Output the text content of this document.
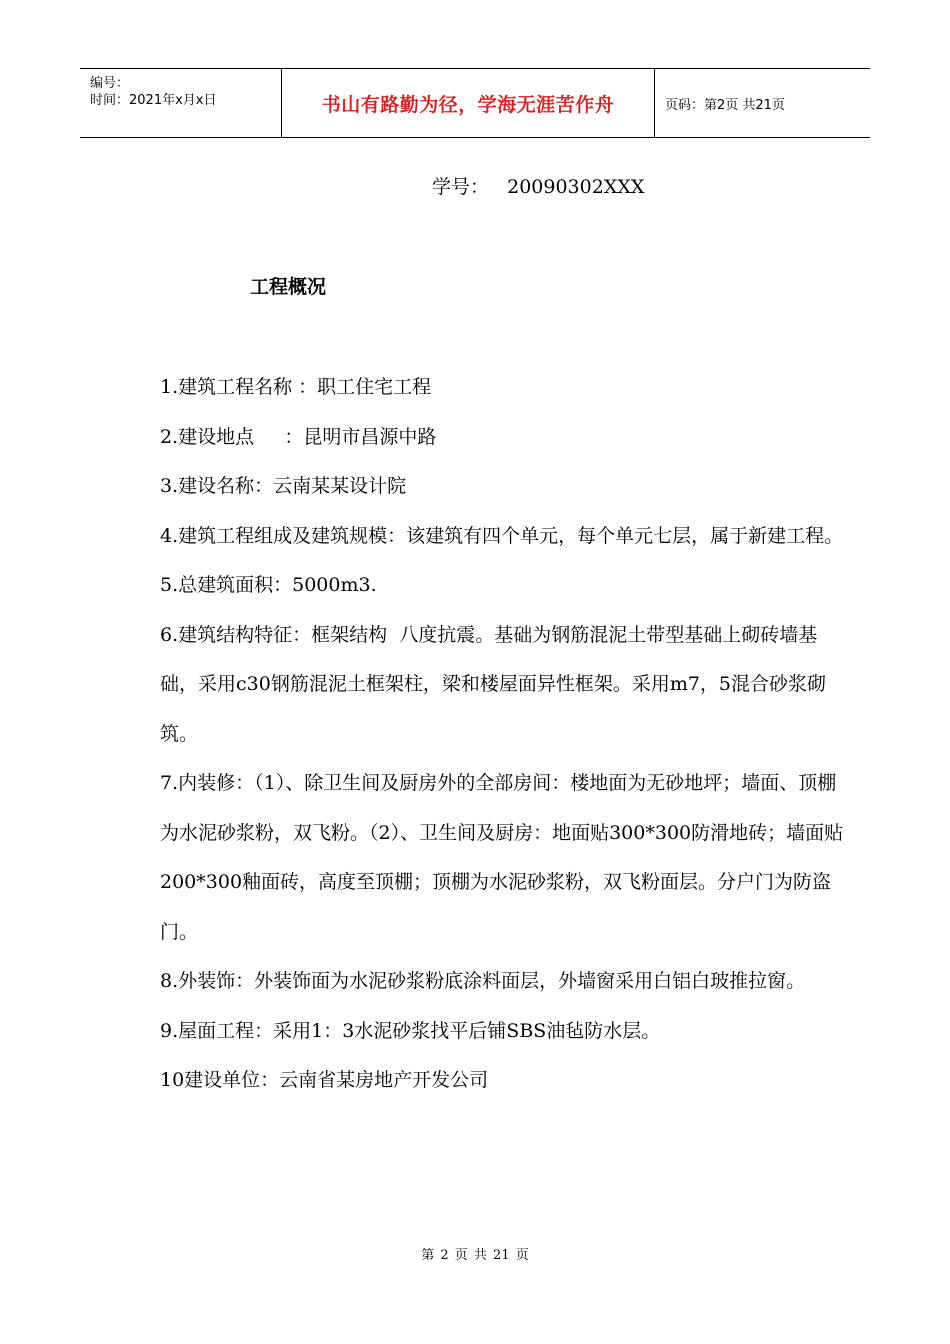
编号：
时间：2021年x月x日	书山有路勤为径，学海无涯苦作舟	页码：第2页 共21页
学号：   20090302XXX
工程概况

1.建筑工程名称 ：职工住宅工程

2.建设地点     ：昆明市昌源中路

3.建设名称：云南某某设计院

4.建筑工程组成及建筑规模：该建筑有四个单元，每个单元七层，属于新建工程。

5.总建筑面积：5000m3.

6.建筑结构特征：框架结构  八度抗震。基础为钢筋混泥土带型基础上砌砖墙基础，采用c30钢筋混泥土框架柱，梁和楼屋面异性框架。采用m7，5混合砂浆砌筑。

7.内装修：（1）、除卫生间及厨房外的全部房间：楼地面为无砂地坪；墙面、顶棚为水泥砂浆粉，双飞粉。（2）、卫生间及厨房：地面贴300*300防滑地砖；墙面贴200*300釉面砖，高度至顶棚；顶棚为水泥砂浆粉，双飞粉面层。分户门为防盗门。

8.外装饰：外装饰面为水泥砂浆粉底涂料面层，外墙窗采用白铝白玻推拉窗。

9.屋面工程：采用1：3水泥砂浆找平后铺SBS油毡防水层。

10建设单位：云南省某房地产开发公司

第 2 页 共 21 页
